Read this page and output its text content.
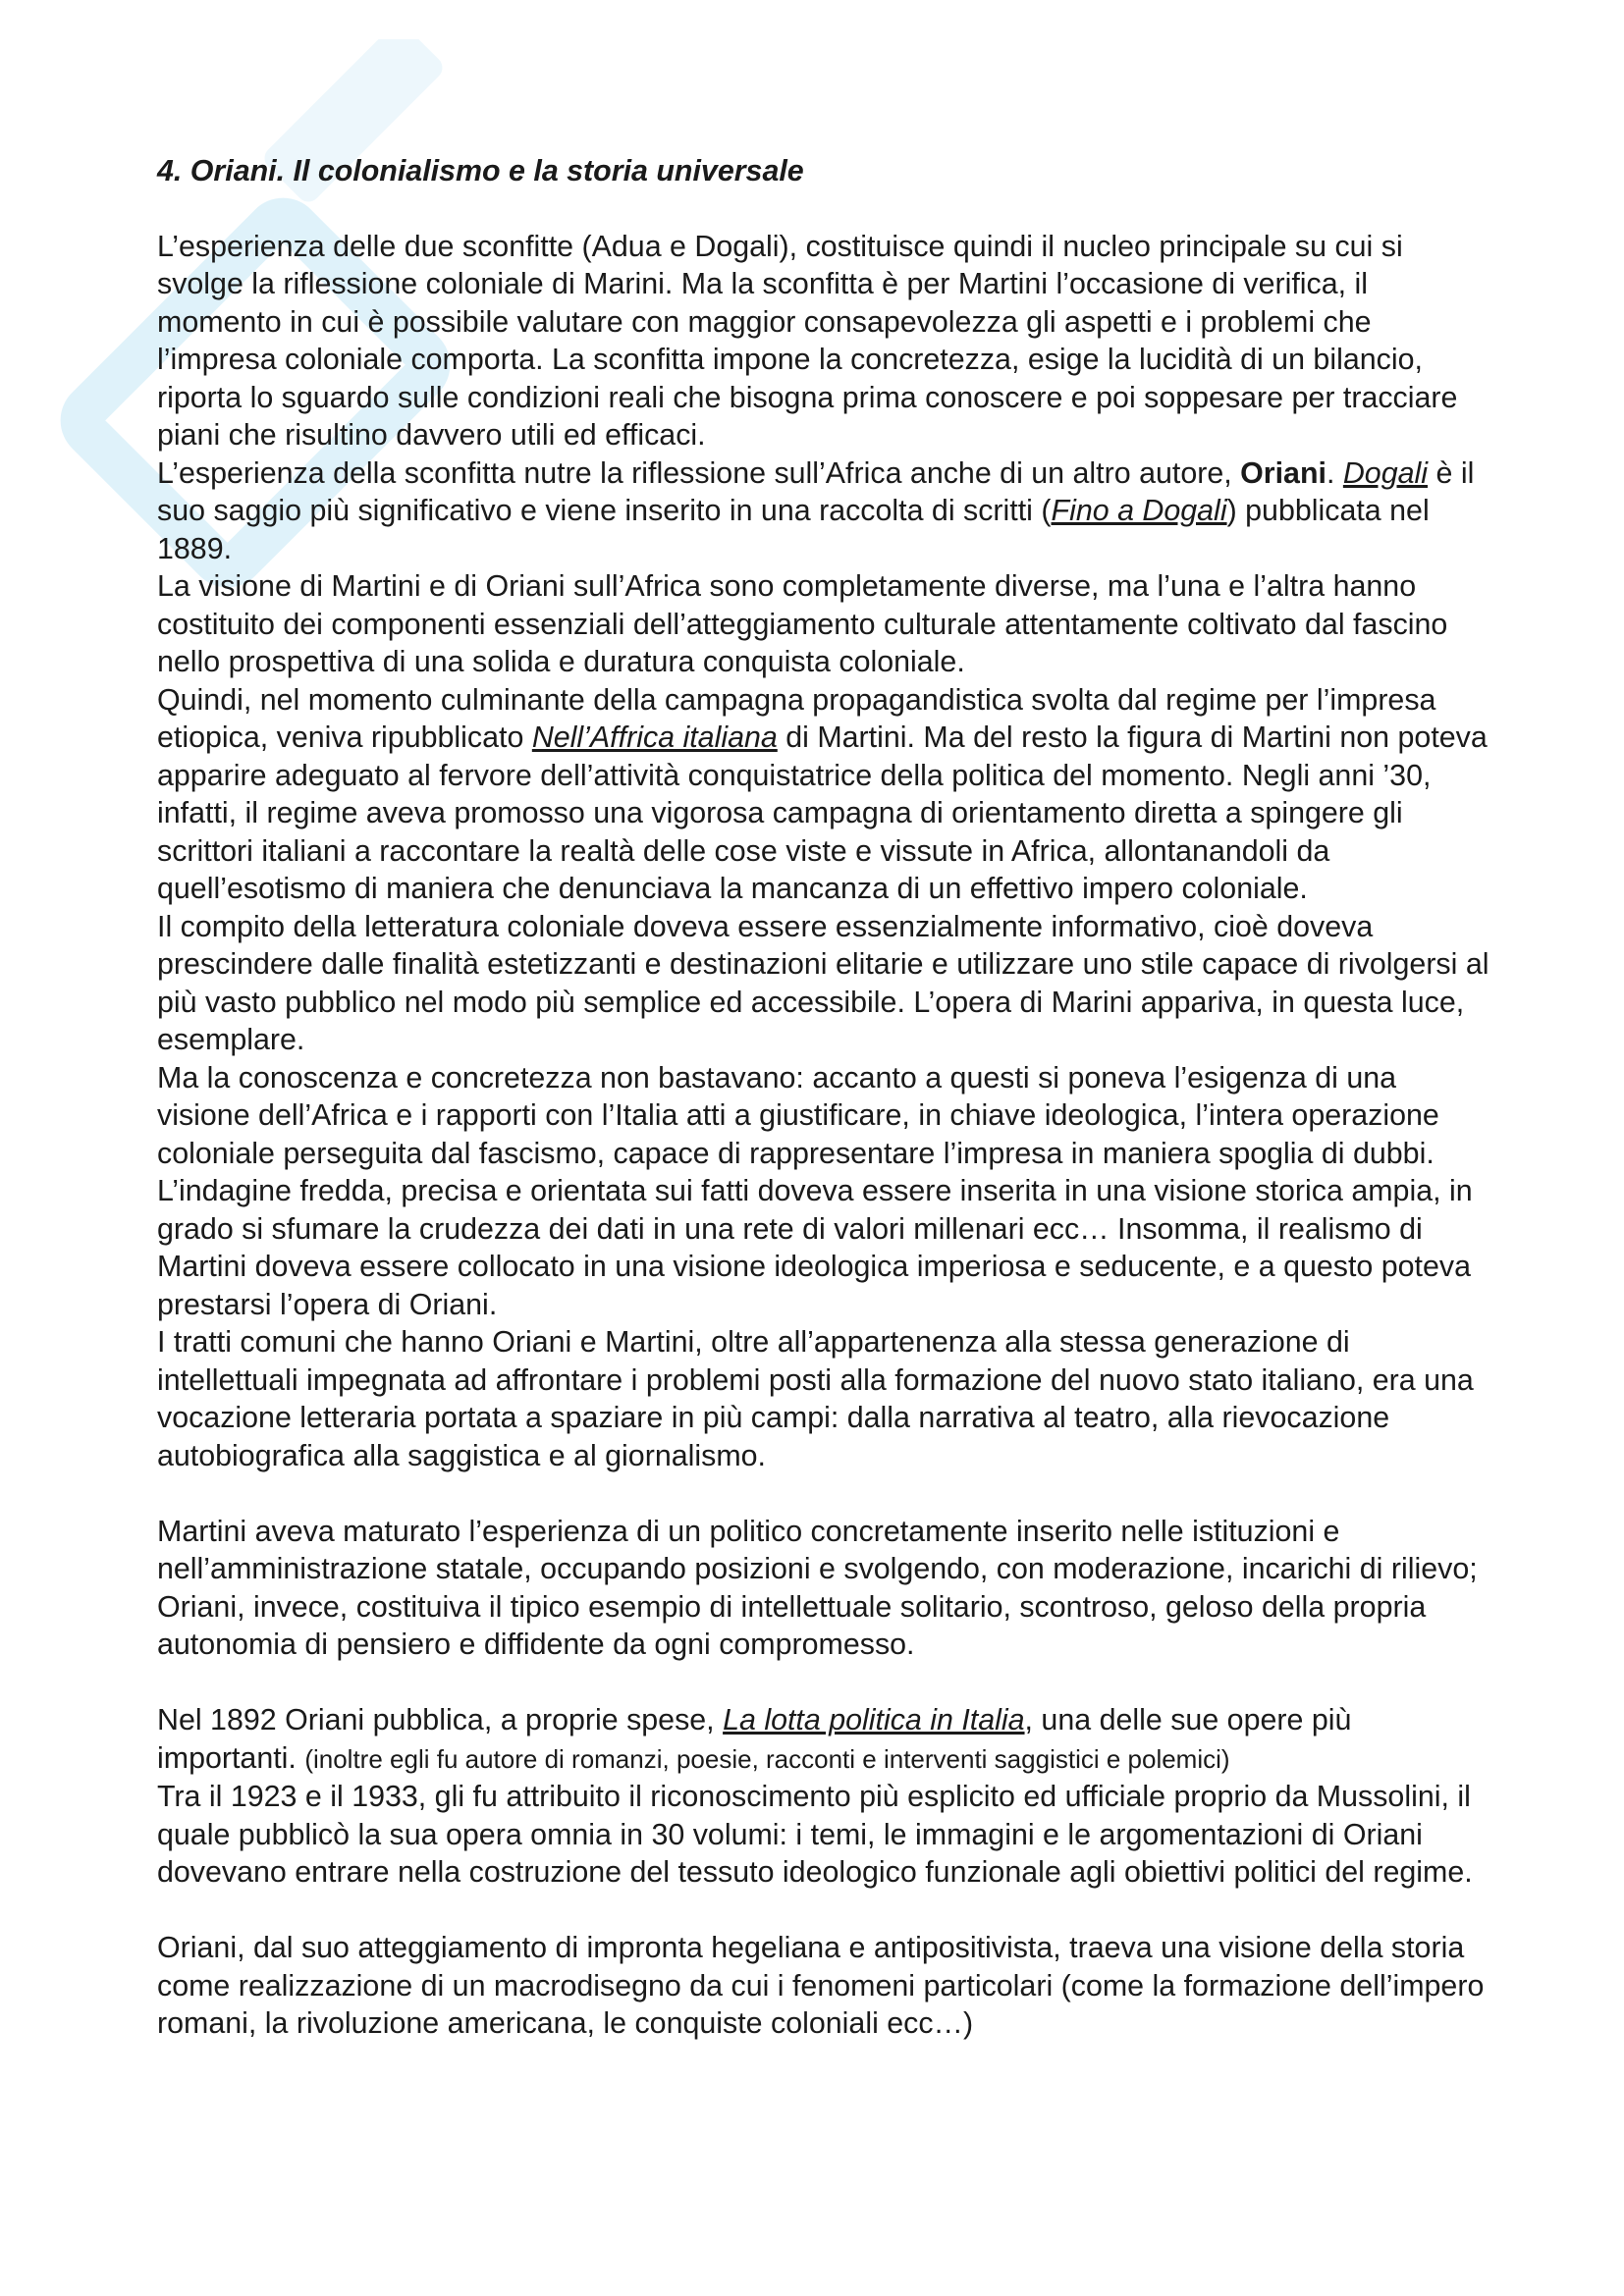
4. Oriani. Il colonialismo e la storia universale
L’esperienza delle due sconfitte (Adua e Dogali), costituisce quindi il nucleo principale su cui si svolge la riflessione coloniale di Marini. Ma la sconfitta è per Martini l’occasione di verifica, il momento in cui è possibile valutare con maggior consapevolezza gli aspetti e i problemi che l’impresa coloniale comporta. La sconfitta impone la concretezza, esige la lucidità di un bilancio, riporta lo sguardo sulle condizioni reali che bisogna prima conoscere e poi soppesare per tracciare piani che risultino davvero utili ed efficaci.
L’esperienza della sconfitta nutre la riflessione sull’Africa anche di un altro autore, Oriani. Dogali è il suo saggio più significativo e viene inserito in una raccolta di scritti (Fino a Dogali) pubblicata nel 1889.
La visione di Martini e di Oriani sull’Africa sono completamente diverse, ma l’una e l’altra hanno costituito dei componenti essenziali dell’atteggiamento culturale attentamente coltivato dal fascino nello prospettiva di una solida e duratura conquista coloniale.
Quindi, nel momento culminante della campagna propagandistica svolta dal regime per l’impresa etiopica, veniva ripubblicato Nell’Affrica italiana di Martini. Ma del resto la figura di Martini non poteva apparire adeguato al fervore dell’attività conquistatrice della politica del momento. Negli anni ’30, infatti, il regime aveva promosso una vigorosa campagna di orientamento diretta a spingere gli scrittori italiani a raccontare la realtà delle cose viste e vissute in Africa, allontanandoli da quell’esotismo di maniera che denunciava la mancanza di un effettivo impero coloniale.
Il compito della letteratura coloniale doveva essere essenzialmente informativo, cioè doveva prescindere dalle finalità estetizzanti e destinazioni elitarie e utilizzare uno stile capace di rivolgersi al più vasto pubblico nel modo più semplice ed accessibile. L’opera di Marini appariva, in questa luce, esemplare.
Ma la conoscenza e concretezza non bastavano: accanto a questi si poneva l’esigenza di una visione dell’Africa e i rapporti con l’Italia atti a giustificare, in chiave ideologica, l’intera operazione coloniale perseguita dal fascismo, capace di rappresentare l’impresa in maniera spoglia di dubbi. L’indagine fredda, precisa e orientata sui fatti doveva essere inserita in una visione storica ampia, in grado si sfumare la crudezza dei dati in una rete di valori millenari ecc… Insomma, il realismo di Martini doveva essere collocato in una visione ideologica imperiosa e seducente, e a questo poteva prestarsi l’opera di Oriani.
I tratti comuni che hanno Oriani e Martini, oltre all’appartenenza alla stessa generazione di intellettuali impegnata ad affrontare i problemi posti alla formazione del nuovo stato italiano, era una vocazione letteraria portata a spaziare in più campi: dalla narrativa al teatro, alla rievocazione autobiografica alla saggistica e al giornalismo.
Martini aveva maturato l’esperienza di un politico concretamente inserito nelle istituzioni e nell’amministrazione statale, occupando posizioni e svolgendo, con moderazione, incarichi di rilievo; Oriani, invece, costituiva il tipico esempio di intellettuale solitario, scontroso, geloso della propria autonomia di pensiero e diffidente da ogni compromesso.
Nel 1892 Oriani pubblica, a proprie spese, La lotta politica in Italia, una delle sue opere più importanti. (inoltre egli fu autore di romanzi, poesie, racconti e interventi saggistici e polemici)
Tra il 1923 e il 1933, gli fu attribuito il riconoscimento più esplicito ed ufficiale proprio da Mussolini, il quale pubblicò la sua opera omnia in 30 volumi: i temi, le immagini e le argomentazioni di Oriani dovevano entrare nella costruzione del tessuto ideologico funzionale agli obiettivi politici del regime.
Oriani, dal suo atteggiamento di impronta hegeliana e antipositivista, traeva una visione della storia come realizzazione di un macrodisegno da cui i fenomeni particolari (come la formazione dell’impero romani, la rivoluzione americana, le conquiste coloniali ecc…)
